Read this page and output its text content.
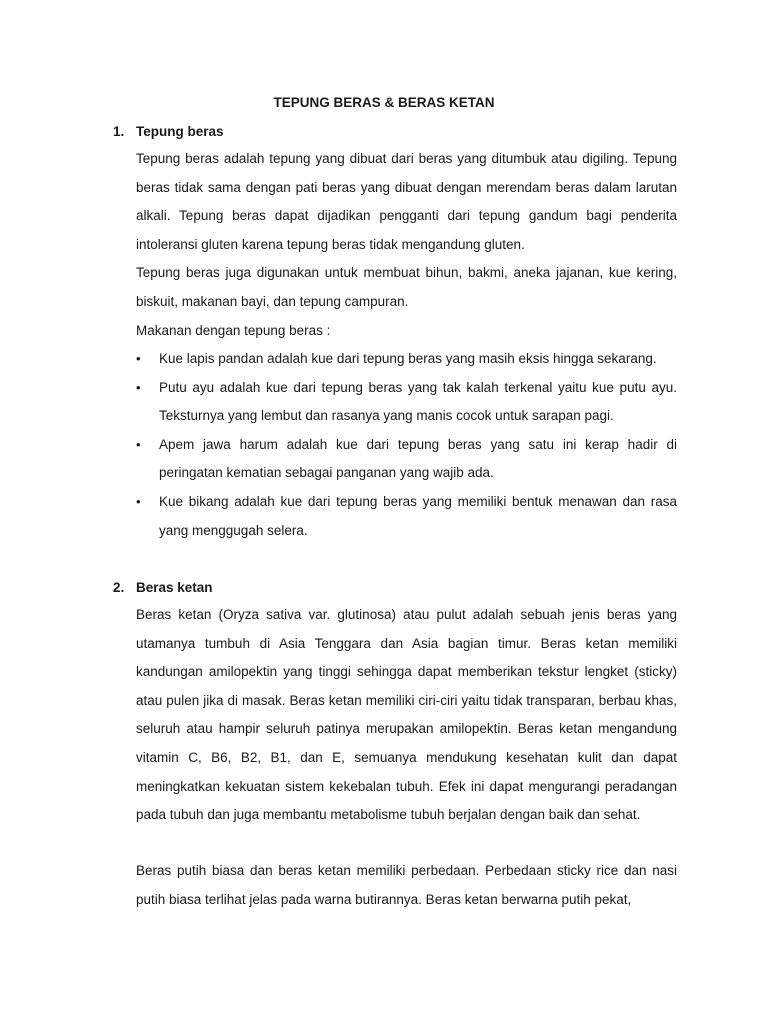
TEPUNG BERAS & BERAS KETAN
1. Tepung beras
Tepung beras adalah tepung yang dibuat dari beras yang ditumbuk atau digiling. Tepung beras tidak sama dengan pati beras yang dibuat dengan merendam beras dalam larutan alkali. Tepung beras dapat dijadikan pengganti dari tepung gandum bagi penderita intoleransi gluten karena tepung beras tidak mengandung gluten.
Tepung beras juga digunakan untuk membuat bihun, bakmi, aneka jajanan, kue kering, biskuit, makanan bayi, dan tepung campuran.
Makanan dengan tepung beras :
•	Kue lapis pandan adalah kue dari tepung beras yang masih eksis hingga sekarang.
•	Putu ayu adalah kue dari tepung beras yang tak kalah terkenal yaitu kue putu ayu. Teksturnya yang lembut dan rasanya yang manis cocok untuk sarapan pagi.
•	Apem jawa harum adalah kue dari tepung beras yang satu ini kerap hadir di peringatan kematian sebagai panganan yang wajib ada.
•	Kue bikang adalah kue dari tepung beras yang memiliki bentuk menawan dan rasa yang menggugah selera.
2. Beras ketan
Beras ketan (Oryza sativa var. glutinosa) atau pulut adalah sebuah jenis beras yang utamanya tumbuh di Asia Tenggara dan Asia bagian timur. Beras ketan memiliki kandungan amilopektin yang tinggi sehingga dapat memberikan tekstur lengket (sticky) atau pulen jika di masak. Beras ketan memiliki ciri-ciri yaitu tidak transparan, berbau khas, seluruh atau hampir seluruh patinya merupakan amilopektin. Beras ketan mengandung vitamin C, B6, B2, B1, dan E, semuanya mendukung kesehatan kulit dan dapat meningkatkan kekuatan sistem kekebalan tubuh. Efek ini dapat mengurangi peradangan pada tubuh dan juga membantu metabolisme tubuh berjalan dengan baik dan sehat.
Beras putih biasa dan beras ketan memiliki perbedaan. Perbedaan sticky rice dan nasi putih biasa terlihat jelas pada warna butirannya. Beras ketan berwarna putih pekat,
